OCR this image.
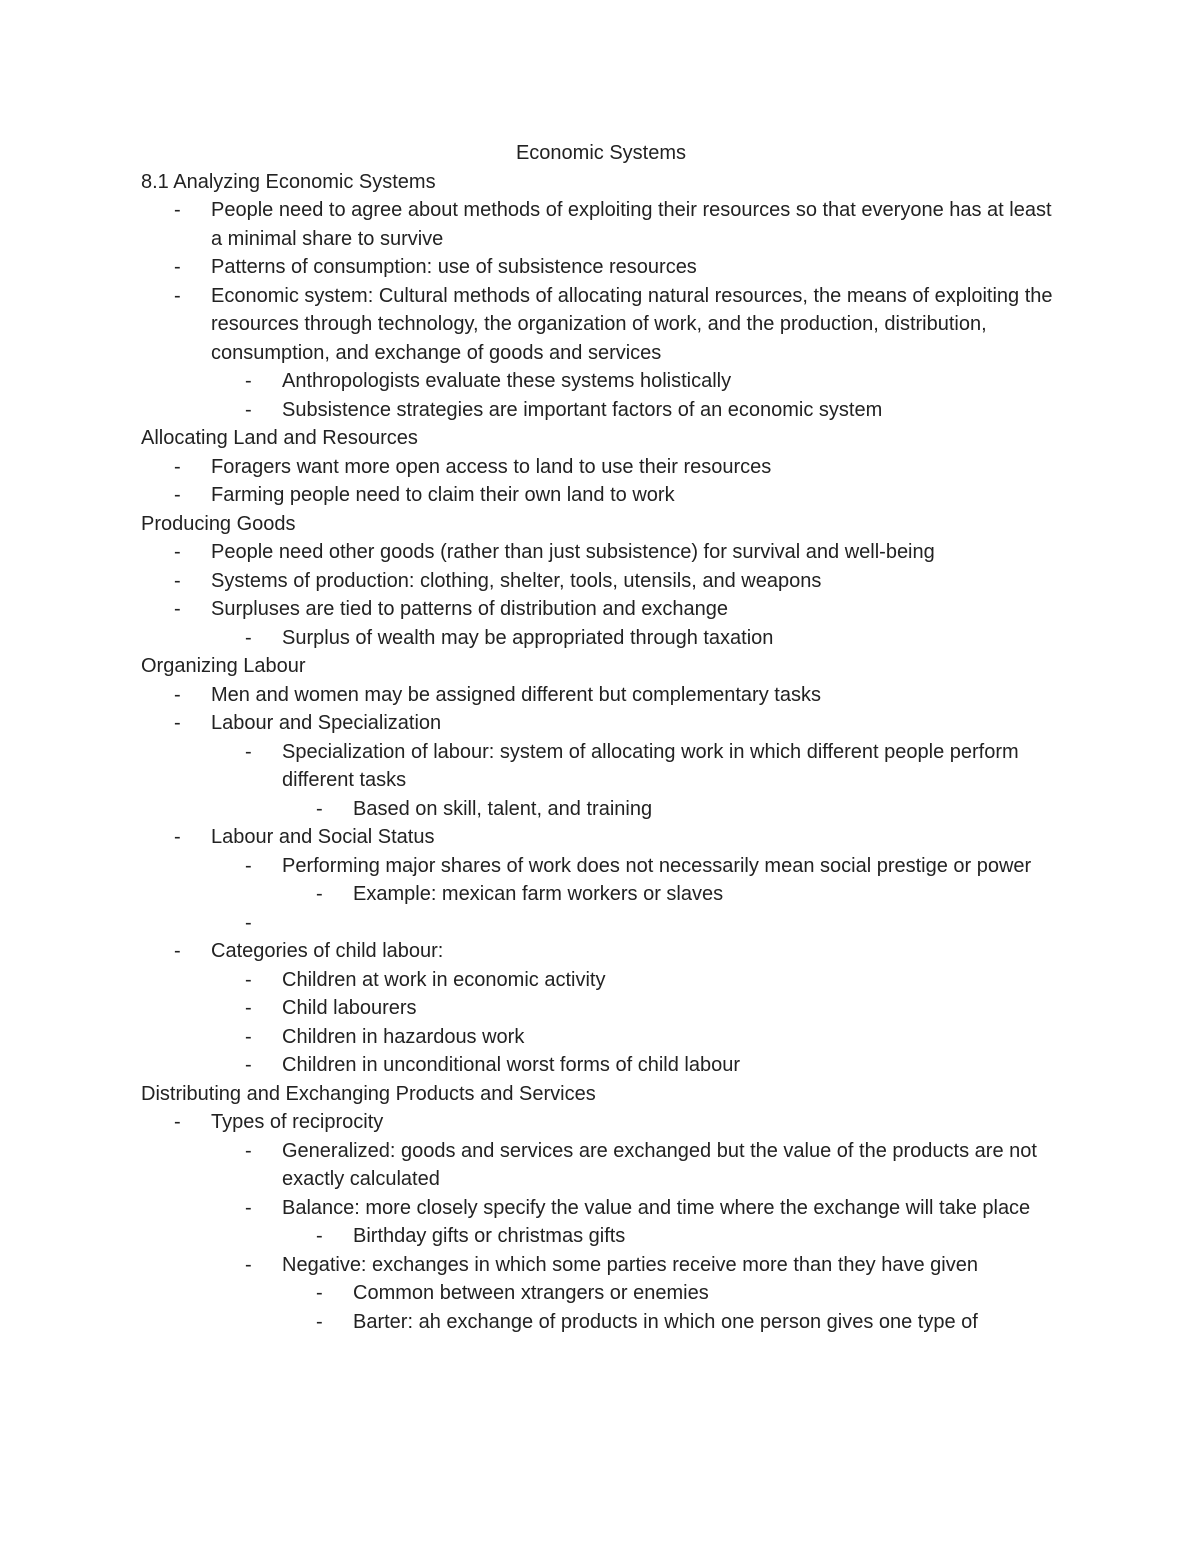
Economic Systems
8.1 Analyzing Economic Systems
- People need to agree about methods of exploiting their resources so that everyone has at least a minimal share to survive
- Patterns of consumption: use of subsistence resources
- Economic system: Cultural methods of allocating natural resources, the means of exploiting the resources through technology, the organization of work, and the production, distribution, consumption, and exchange of goods and services
- Anthropologists evaluate these systems holistically
- Subsistence strategies are important factors of an economic system
Allocating Land and Resources
- Foragers want more open access to land to use their resources
- Farming people need to claim their own land to work
Producing Goods
- People need other goods (rather than just subsistence) for survival and well-being
- Systems of production: clothing, shelter, tools, utensils, and weapons
- Surpluses are tied to patterns of distribution and exchange
- Surplus of wealth may be appropriated through taxation
Organizing Labour
- Men and women may be assigned different but complementary tasks
- Labour and Specialization
- Specialization of labour: system of allocating work in which different people perform different tasks
- Based on skill, talent, and training
- Labour and Social Status
- Performing major shares of work does not necessarily mean social prestige or power
- Example: mexican farm workers or slaves
-

- Categories of child labour:
- Children at work in economic activity
- Child labourers
- Children in hazardous work
- Children in unconditional worst forms of child labour
Distributing and Exchanging Products and Services
- Types of reciprocity
- Generalized: goods and services are exchanged but the value of the products are not exactly calculated
- Balance: more closely specify the value and time where the exchange will take place
- Birthday gifts or christmas gifts
- Negative: exchanges in which some parties receive more than they have given
- Common between xtrangers or enemies
- Barter: ah exchange of products in which one person gives one type of
